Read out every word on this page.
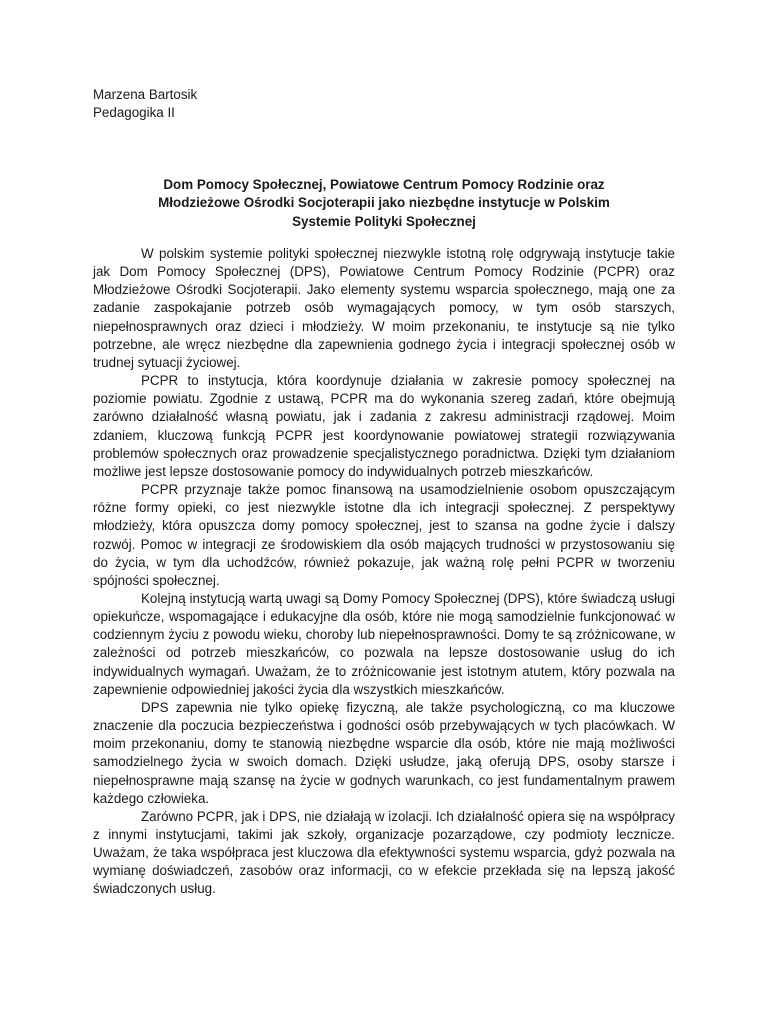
Marzena Bartosik
Pedagogika II
Dom Pomocy Społecznej, Powiatowe Centrum Pomocy Rodzinie oraz
Młodzieżowe Ośrodki Socjoterapii jako niezbędne instytucje w Polskim
Systemie Polityki Społecznej

W polskim systemie polityki społecznej niezwykle istotną rolę odgrywają instytucje takie jak Dom Pomocy Społecznej (DPS), Powiatowe Centrum Pomocy Rodzinie (PCPR) oraz Młodzieżowe Ośrodki Socjoterapii. Jako elementy systemu wsparcia społecznego, mają one za zadanie zaspokajanie potrzeb osób wymagających pomocy, w tym osób starszych, niepełnosprawnych oraz dzieci i młodzieży. W moim przekonaniu, te instytucje są nie tylko potrzebne, ale wręcz niezbędne dla zapewnienia godnego życia i integracji społecznej osób w trudnej sytuacji życiowej.

PCPR to instytucja, która koordynuje działania w zakresie pomocy społecznej na poziomie powiatu. Zgodnie z ustawą, PCPR ma do wykonania szereg zadań, które obejmują zarówno działalność własną powiatu, jak i zadania z zakresu administracji rządowej. Moim zdaniem, kluczową funkcją PCPR jest koordynowanie powiatowej strategii rozwiązywania problemów społecznych oraz prowadzenie specjalistycznego poradnictwa. Dzięki tym działaniom możliwe jest lepsze dostosowanie pomocy do indywidualnych potrzeb mieszkańców.

PCPR przyznaje także pomoc finansową na usamodzielnienie osobom opuszczającym różne formy opieki, co jest niezwykle istotne dla ich integracji społecznej. Z perspektywy młodzieży, która opuszcza domy pomocy społecznej, jest to szansa na godne życie i dalszy rozwój. Pomoc w integracji ze środowiskiem dla osób mających trudności w przystosowaniu się do życia, w tym dla uchodźców, również pokazuje, jak ważną rolę pełni PCPR w tworzeniu spójności społecznej.

Kolejną instytucją wartą uwagi są Domy Pomocy Społecznej (DPS), które świadczą usługi opiekuńcze, wspomagające i edukacyjne dla osób, które nie mogą samodzielnie funkcjonować w codziennym życiu z powodu wieku, choroby lub niepełnosprawności. Domy te są zróżnicowane, w zależności od potrzeb mieszkańców, co pozwala na lepsze dostosowanie usług do ich indywidualnych wymagań. Uważam, że to zróżnicowanie jest istotnym atutem, który pozwala na zapewnienie odpowiedniej jakości życia dla wszystkich mieszkańców.

DPS zapewnia nie tylko opiekę fizyczną, ale także psychologiczną, co ma kluczowe znaczenie dla poczucia bezpieczeństwa i godności osób przebywających w tych placówkach. W moim przekonaniu, domy te stanowią niezbędne wsparcie dla osób, które nie mają możliwości samodzielnego życia w swoich domach. Dzięki usłudze, jaką oferują DPS, osoby starsze i niepełnosprawne mają szansę na życie w godnych warunkach, co jest fundamentalnym prawem każdego człowieka.

Zarówno PCPR, jak i DPS, nie działają w izolacji. Ich działalność opiera się na współpracy z innymi instytucjami, takimi jak szkoły, organizacje pozarządowe, czy podmioty lecznicze. Uważam, że taka współpraca jest kluczowa dla efektywności systemu wsparcia, gdyż pozwala na wymianę doświadczeń, zasobów oraz informacji, co w efekcie przekłada się na lepszą jakość świadczonych usług.
